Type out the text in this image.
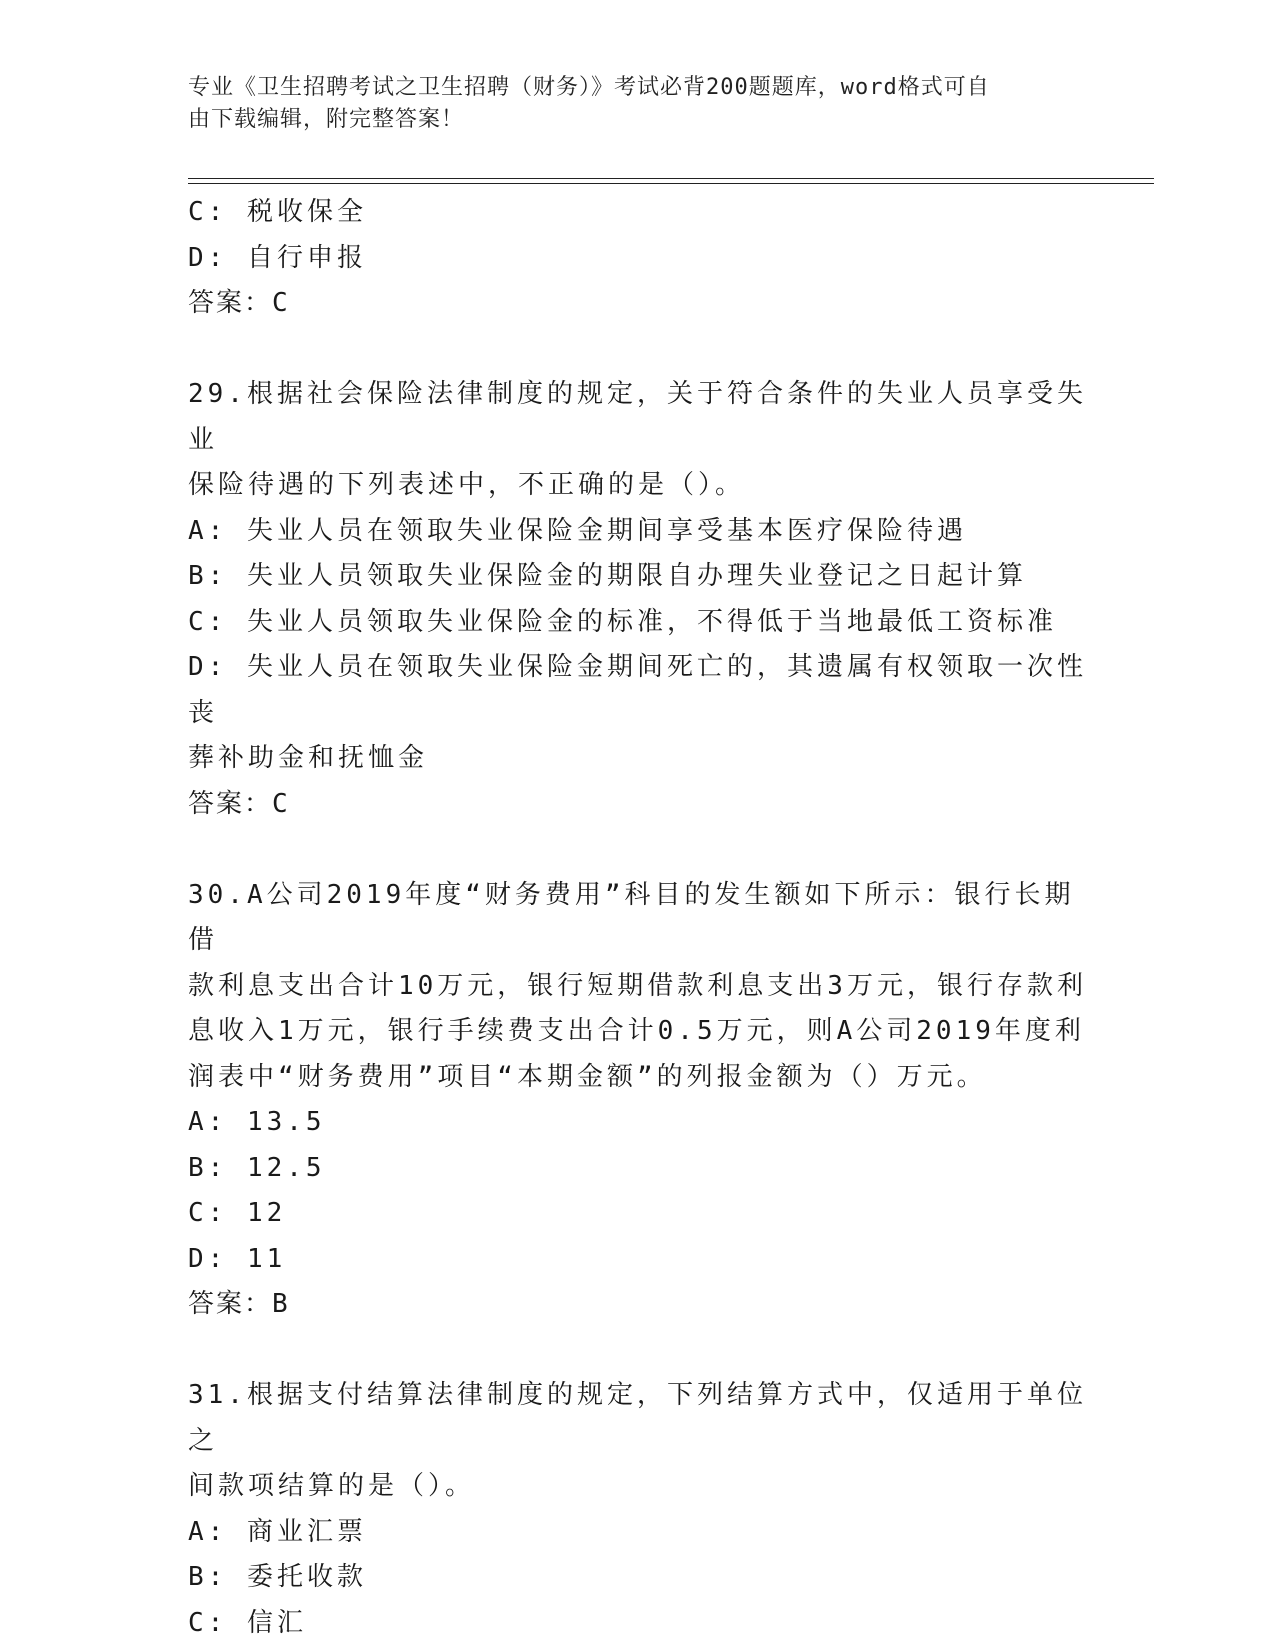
专业《卫生招聘考试之卫生招聘（财务）》考试必背200题题库，word格式可自
由下载编辑，附完整答案！
C: 税收保全
D: 自行申报
答案：C
29.根据社会保险法律制度的规定，关于符合条件的失业人员享受失业
保险待遇的下列表述中，不正确的是（）。
A: 失业人员在领取失业保险金期间享受基本医疗保险待遇
B: 失业人员领取失业保险金的期限自办理失业登记之日起计算
C: 失业人员领取失业保险金的标准，不得低于当地最低工资标准
D: 失业人员在领取失业保险金期间死亡的，其遗属有权领取一次性丧
葬补助金和抚恤金
答案：C
30.A公司2019年度“财务费用”科目的发生额如下所示：银行长期借
款利息支出合计10万元，银行短期借款利息支出3万元，银行存款利
息收入1万元，银行手续费支出合计0.5万元，则A公司2019年度利
润表中“财务费用”项目“本期金额”的列报金额为（）万元。
A: 13.5
B: 12.5
C: 12
D: 11
答案：B
31.根据支付结算法律制度的规定，下列结算方式中，仅适用于单位之
间款项结算的是（）。
A: 商业汇票
B: 委托收款
C: 信汇
